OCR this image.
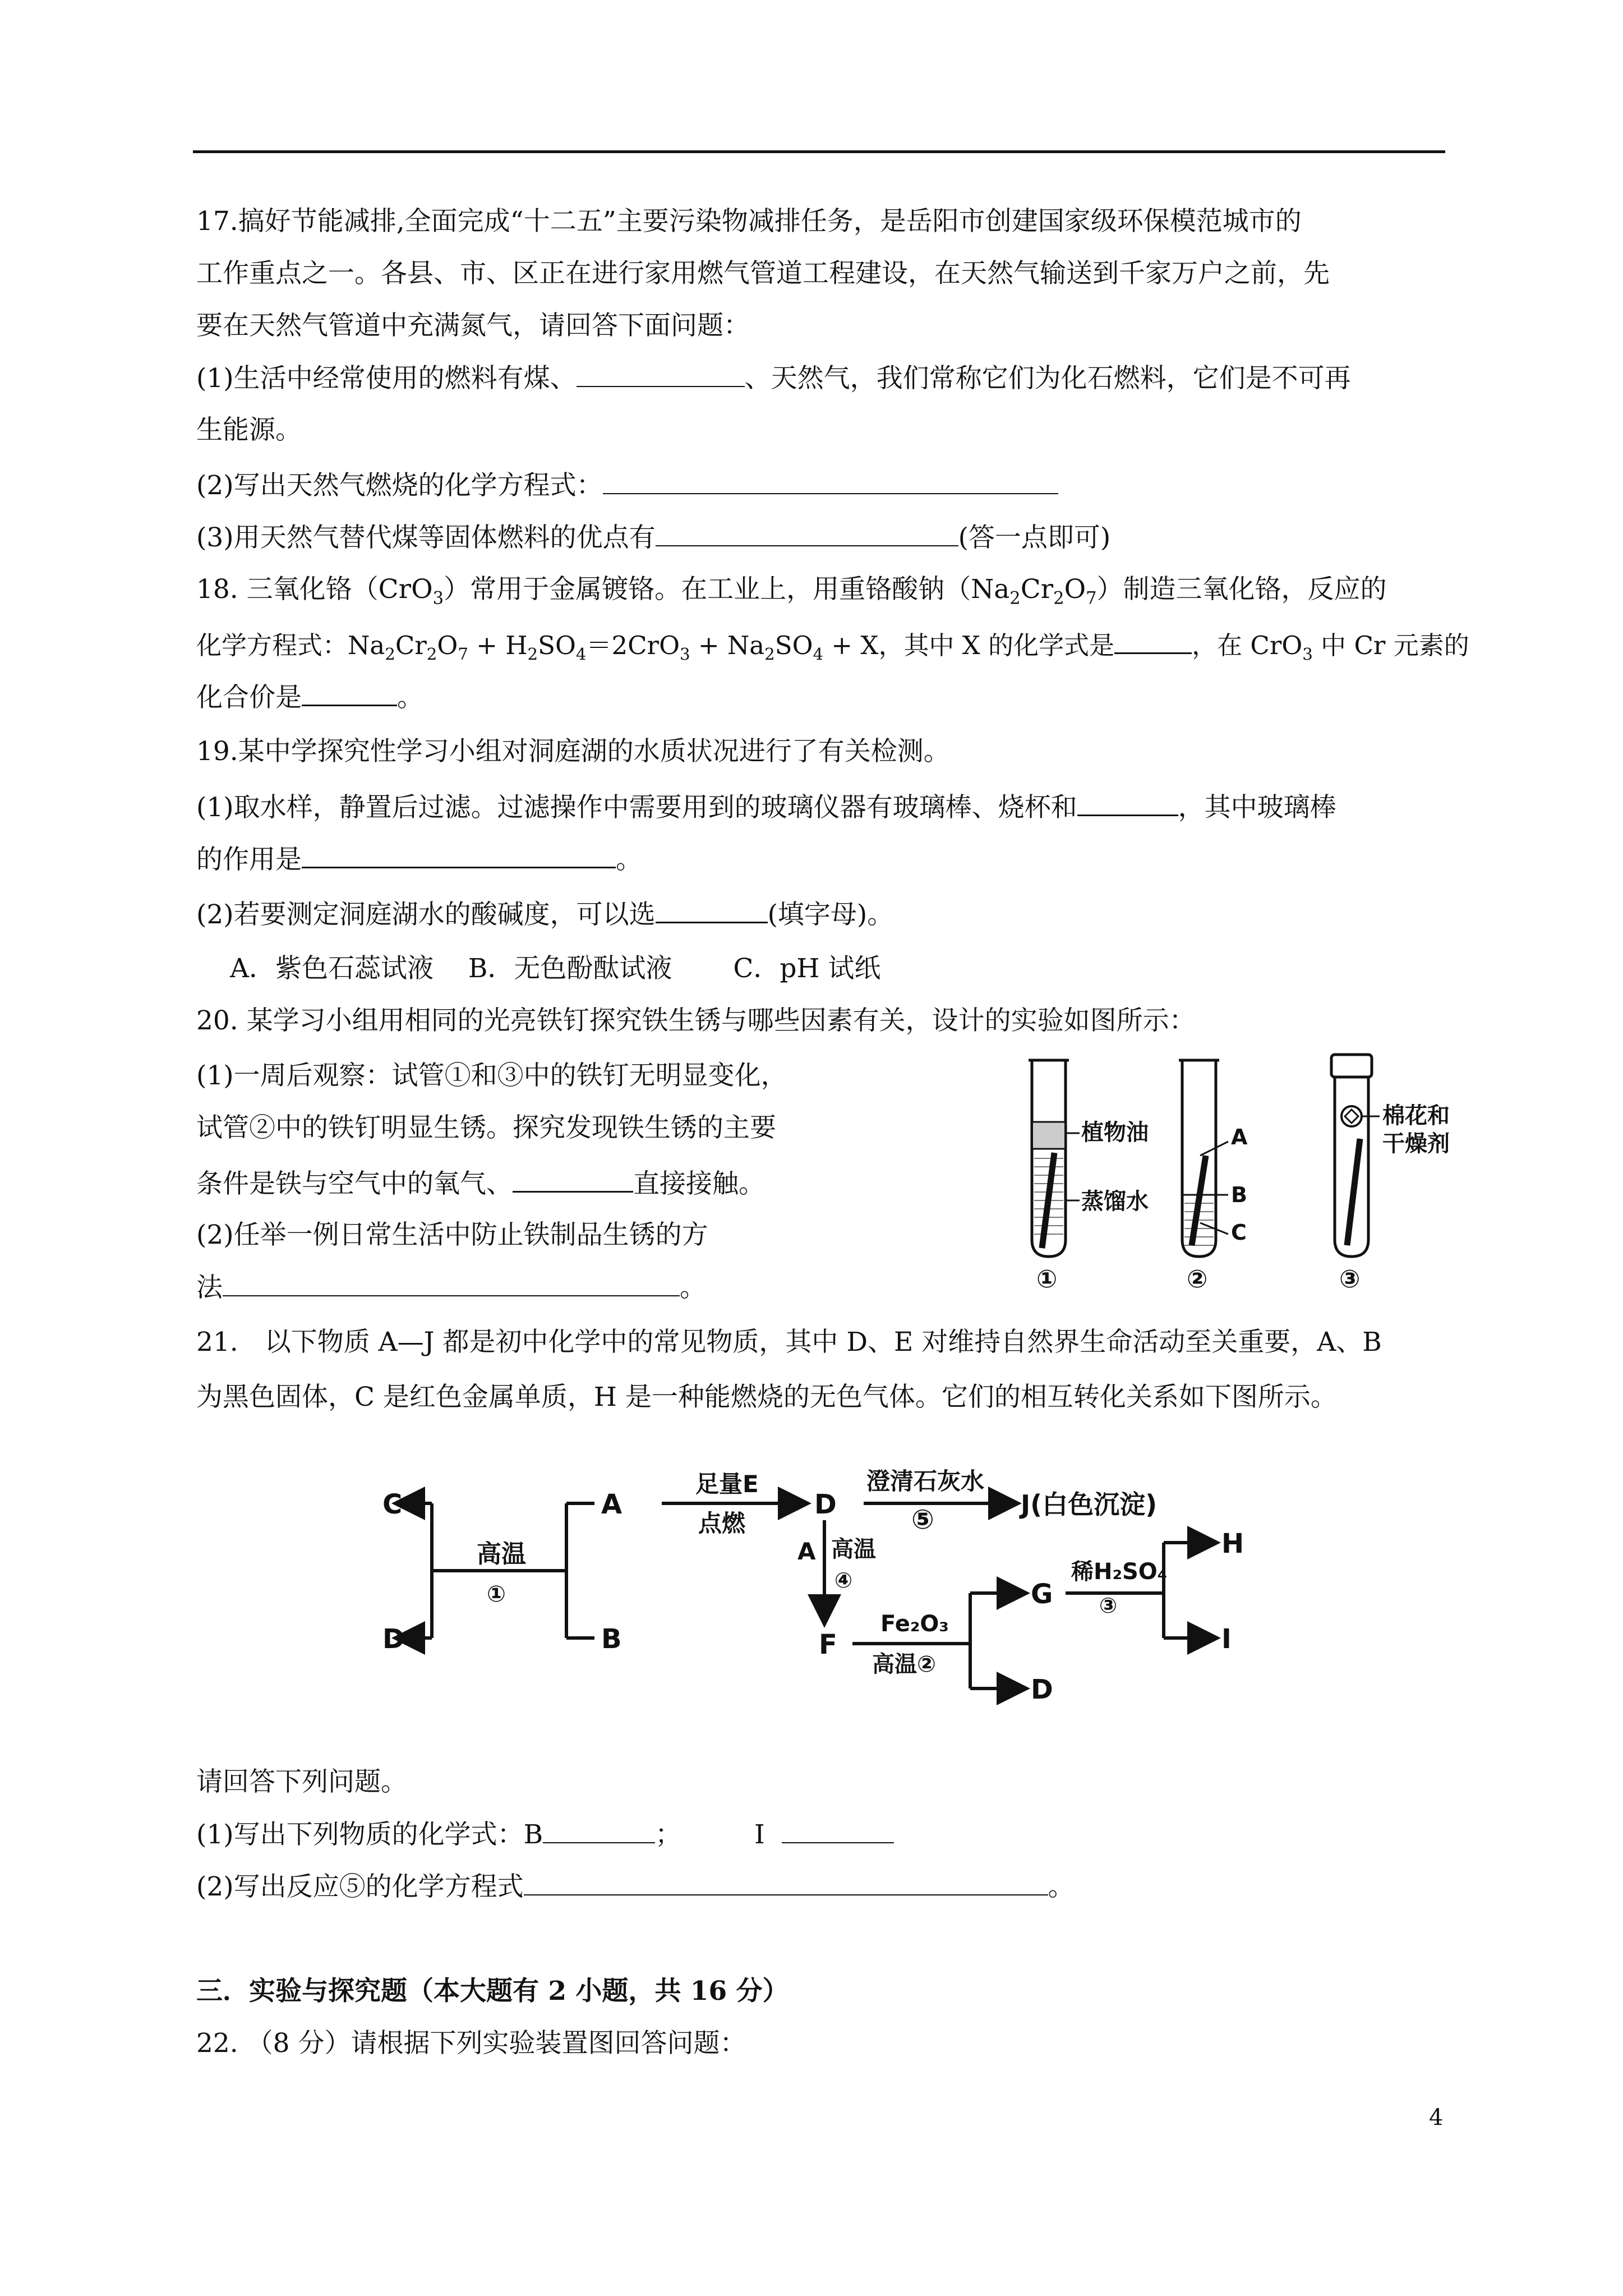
17.搞好节能减排,全面完成“十二五”主要污染物减排任务，是岳阳市创建国家级环保模范城市的
工作重点之一。各县、市、区正在进行家用燃气管道工程建设，在天然气输送到千家万户之前，先
要在天然气管道中充满氮气，请回答下面问题：
(1)生活中经常使用的燃料有煤、	、天然气，我们常称它们为化石燃料，它们是不可再
生能源。
(2)写出天然气燃烧的化学方程式：
(3)用天然气替代煤等固体燃料的优点有	(答一点即可)
18. 三氧化铬（CrO$_3$）常用于金属镀铬。在工业上，用重铬酸钠$(Na_2Cr_2O_7)$制造三氧化铬，反应的
化学方程式：$Na_2Cr_2O_7 + H_2SO_4=2CrO_3 + Na_2SO_4 + X$，其中 X 的化学式是	，在 CrO$_3$ 中 Cr 元素的
化合价是	。
19.某中学探究性学习小组对洞庭湖的水质状况进行了有关检测。
(1)取水样，静置后过滤。过滤操作中需要用到的玻璃仪器有玻璃棒、烧杯和	，其中玻璃棒
的作用是	。
(2)若要测定洞庭湖水的酸碱度，可以选	(填字母)。
A．紫色石蕊试液　 B．无色酚酞试液　　 C．pH 试纸
20. 某学习小组用相同的光亮铁钉探究铁生锈与哪些因素有关，设计的实验如图所示：
(1)一周后观察：试管①和③中的铁钉无明显变化，
试管②中的铁钉明显生锈。探究发现铁生锈的主要
条件是铁与空气中的氧气、	直接接触。
(2)任举一例日常生活中防止铁制品生锈的方
法	。
植物油
蒸馏水
①
A
B
C
②
棉花和
干燥剂
③
21.　以下物质 A—J 都是初中化学中的常见物质，其中 D、E 对维持自然界生命活动至关重要，A、B
为黑色固体，C 是红色金属单质，H 是一种能燃烧的无色气体。它们的相互转化关系如下图所示。
C
D
高温
①
A
B
足量E
点燃
D
澄清石灰水
⑤	J(白色沉淀)
A 高温
④
F
Fe₂O₃
高温②
G
D
稀H₂SO₄
③
H
I
请回答下列问题。
(1)写出下列物质的化学式：B	；	I
(2)写出反应⑤的化学方程式	。
三．实验与探究题（本大题有 2 小题，共 16 分）
22. （8 分）请根据下列实验装置图回答问题：
4
